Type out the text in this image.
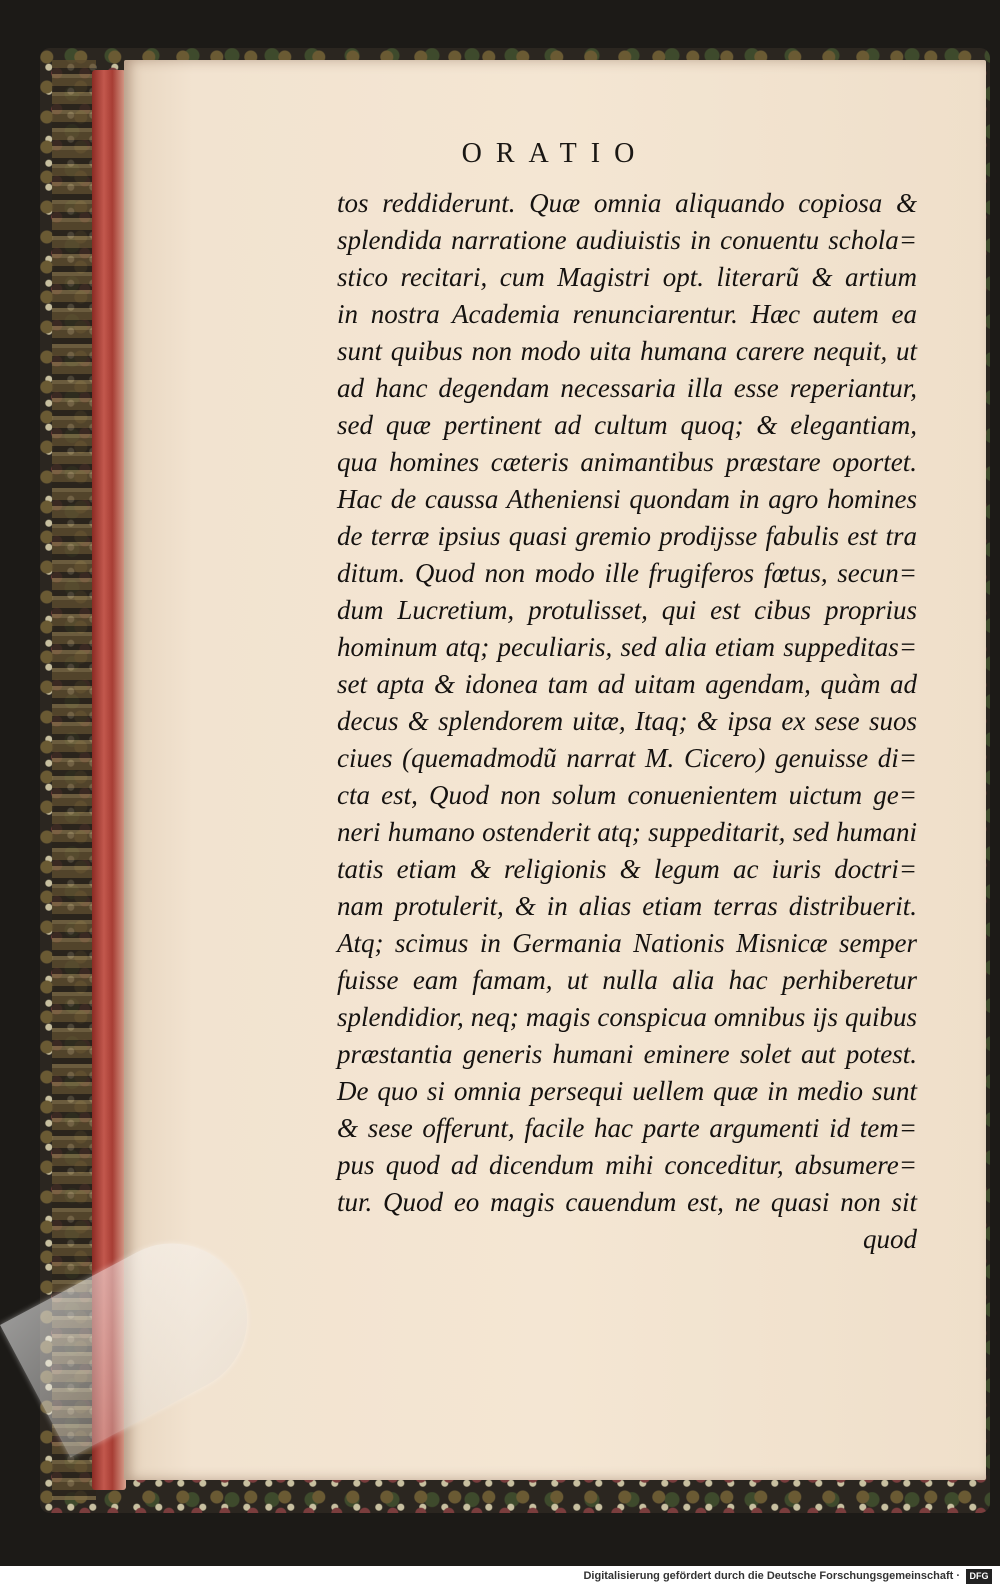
ORATIO
tos reddiderunt. Quæ omnia aliquando copiosa &
splendida narratione audiuistis in conuentu schola=
stico recitari, cum Magistri opt. literarũ & artium
in nostra Academia renunciarentur. Hæc autem ea
sunt quibus non modo uita humana carere nequit, ut
ad hanc degendam necessaria illa esse reperiantur,
sed quæ pertinent ad cultum quoq; & elegantiam,
qua homines cæteris animantibus præstare oportet.
Hac de caussa Atheniensi quondam in agro homines
de terræ ipsius quasi gremio prodijsse fabulis est tra
ditum. Quod non modo ille frugiferos fœtus, secun=
dum Lucretium, protulisset, qui est cibus proprius
hominum atq; peculiaris, sed alia etiam suppeditas=
set apta & idonea tam ad uitam agendam, quàm ad
decus & splendorem uitæ, Itaq; & ipsa ex sese suos
ciues (quemadmodũ narrat M. Cicero) genuisse di=
cta est, Quod non solum conuenientem uictum ge=
neri humano ostenderit atq; suppeditarit, sed humani
tatis etiam & religionis & legum ac iuris doctri=
nam protulerit, & in alias etiam terras distribuerit.
Atq; scimus in Germania Nationis Misnicæ semper
fuisse eam famam, ut nulla alia hac perhiberetur
splendidior, neq; magis conspicua omnibus ijs quibus
præstantia generis humani eminere solet aut potest.
De quo si omnia persequi uellem quæ in medio sunt
& sese offerunt, facile hac parte argumenti id tem=
pus quod ad dicendum mihi conceditur, absumere=
tur. Quod eo magis cauendum est, ne quasi non sit
quod
Digitalisierung gefördert durch die Deutsche Forschungsgemeinschaft ·	DFG
